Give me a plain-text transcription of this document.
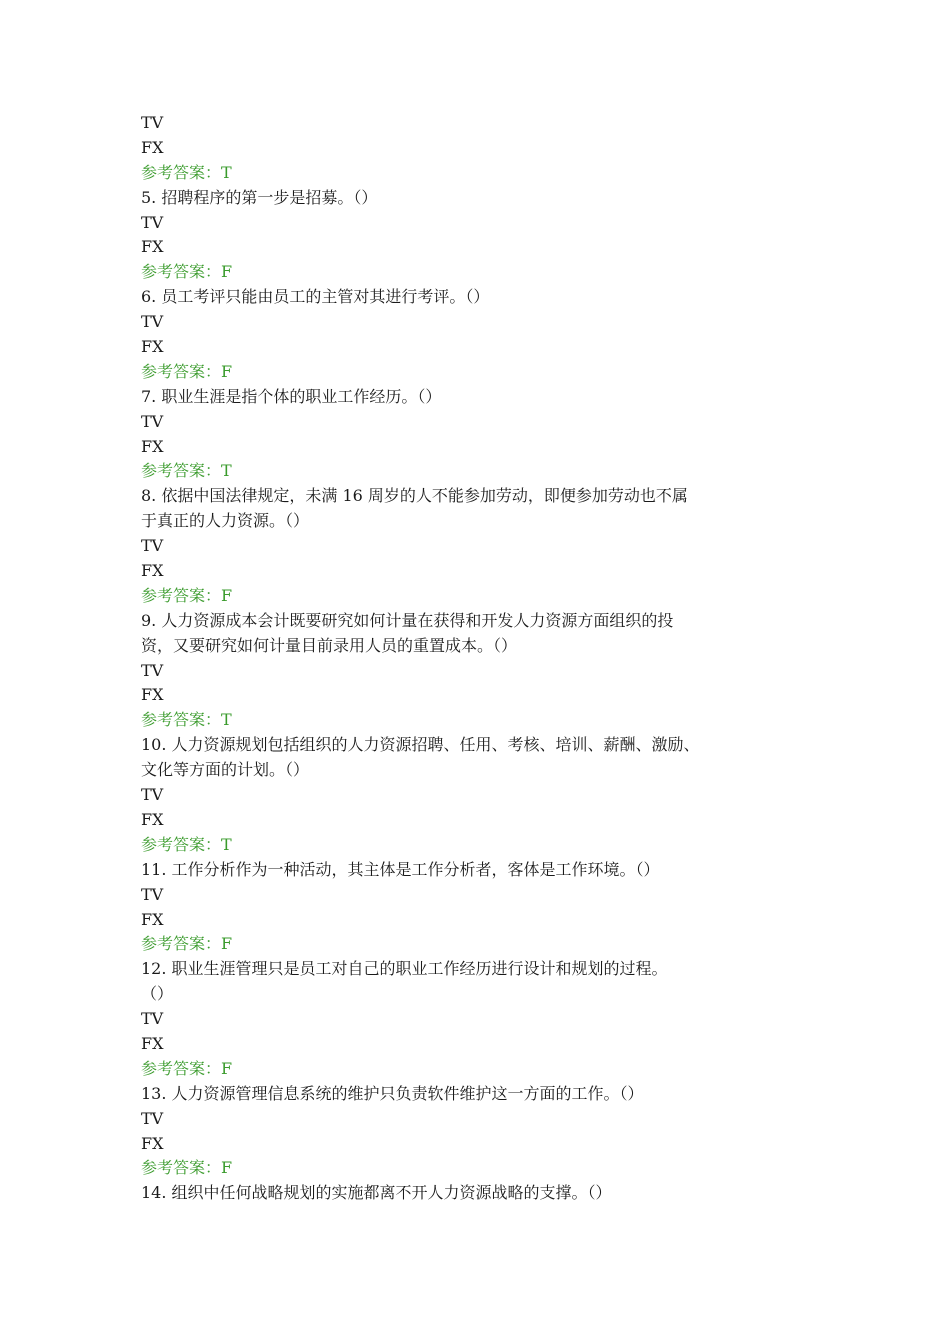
TV
FX
参考答案：T
5. 招聘程序的第一步是招募。（）
TV
FX
参考答案：F
6. 员工考评只能由员工的主管对其进行考评。（）
TV
FX
参考答案：F
7. 职业生涯是指个体的职业工作经历。（）
TV
FX
参考答案：T
8. 依据中国法律规定，未满 16 周岁的人不能参加劳动，即便参加劳动也不属
于真正的人力资源。（）
TV
FX
参考答案：F
9. 人力资源成本会计既要研究如何计量在获得和开发人力资源方面组织的投
资，又要研究如何计量目前录用人员的重置成本。（）
TV
FX
参考答案：T
10. 人力资源规划包括组织的人力资源招聘、任用、考核、培训、薪酬、激励、
文化等方面的计划。（）
TV
FX
参考答案：T
11. 工作分析作为一种活动，其主体是工作分析者，客体是工作环境。（）
TV
FX
参考答案：F
12. 职业生涯管理只是员工对自己的职业工作经历进行设计和规划的过程。
（）
TV
FX
参考答案：F
13. 人力资源管理信息系统的维护只负责软件维护这一方面的工作。（）
TV
FX
参考答案：F
14. 组织中任何战略规划的实施都离不开人力资源战略的支撑。（）
